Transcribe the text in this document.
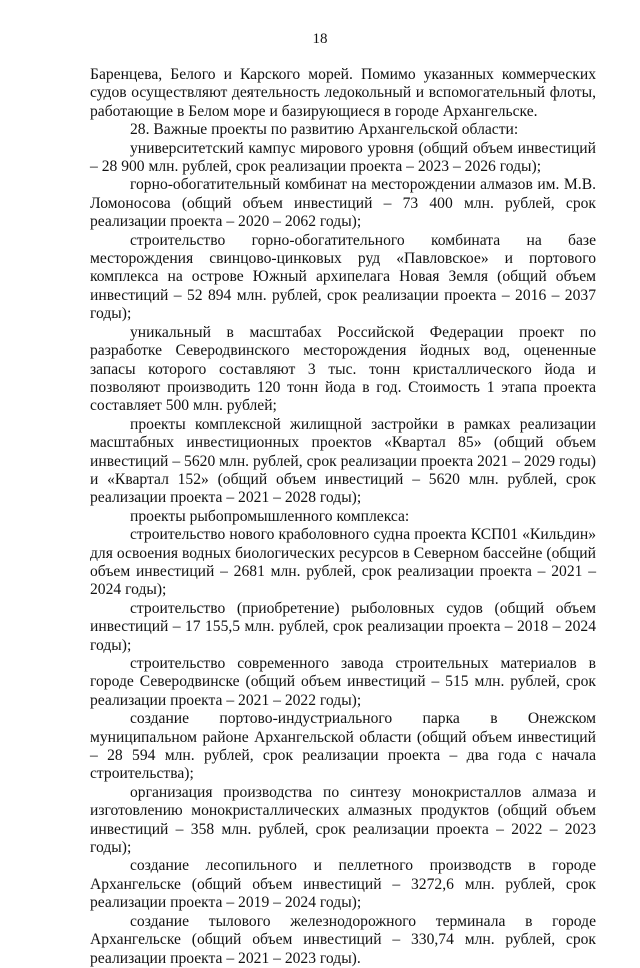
18

Баренцева, Белого и Карского морей. Помимо указанных коммерческих судов осуществляют деятельность ледокольный и вспомогательный флоты, работающие в Белом море и базирующиеся в городе Архангельске.

28. Важные проекты по развитию Архангельской области:

университетский кампус мирового уровня (общий объем инвестиций – 28 900 млн. рублей, срок реализации проекта – 2023 – 2026 годы);

горно-обогатительный комбинат на месторождении алмазов им. М.В. Ломоносова (общий объем инвестиций – 73 400 млн. рублей, срок реализации проекта – 2020 – 2062 годы);

строительство горно-обогатительного комбината на базе месторождения свинцово-цинковых руд «Павловское» и портового комплекса на острове Южный архипелага Новая Земля (общий объем инвестиций – 52 894 млн. рублей, срок реализации проекта – 2016 – 2037 годы);

уникальный в масштабах Российской Федерации проект по разработке Северодвинского месторождения йодных вод, оцененные запасы которого составляют 3 тыс. тонн кристаллического йода и позволяют производить 120 тонн йода в год. Стоимость 1 этапа проекта составляет 500 млн. рублей;

проекты комплексной жилищной застройки в рамках реализации масштабных инвестиционных проектов «Квартал 85» (общий объем инвестиций – 5620 млн. рублей, срок реализации проекта 2021 – 2029 годы) и «Квартал 152» (общий объем инвестиций – 5620 млн. рублей, срок реализации проекта – 2021 – 2028 годы);

проекты рыбопромышленного комплекса:

строительство нового краболовного судна проекта КСП01 «Кильдин» для освоения водных биологических ресурсов в Северном бассейне (общий объем инвестиций – 2681 млн. рублей, срок реализации проекта – 2021 – 2024 годы);

строительство (приобретение) рыболовных судов (общий объем инвестиций – 17 155,5 млн. рублей, срок реализации проекта – 2018 – 2024 годы);

строительство современного завода строительных материалов в городе Северодвинске (общий объем инвестиций – 515 млн. рублей, срок реализации проекта – 2021 – 2022 годы);

создание портово-индустриального парка в Онежском муниципальном районе Архангельской области (общий объем инвестиций – 28 594 млн. рублей, срок реализации проекта – два года с начала строительства);

организация производства по синтезу монокристаллов алмаза и изготовлению монокристаллических алмазных продуктов (общий объем инвестиций – 358 млн. рублей, срок реализации проекта – 2022 – 2023 годы);

создание лесопильного и пеллетного производств в городе Архангельске (общий объем инвестиций – 3272,6 млн. рублей, срок реализации проекта – 2019 – 2024 годы);

создание тылового железнодорожного терминала в городе Архангельске (общий объем инвестиций – 330,74 млн. рублей, срок реализации проекта – 2021 – 2023 годы).
